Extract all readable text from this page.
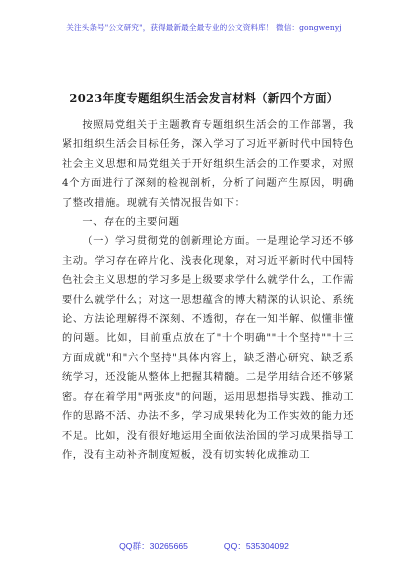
关注头条号"公文研究"，获得最新最全最专业的公文资料库！ 微信：gongwenyj
2023年度专题组织生活会发言材料（新四个方面）

按照局党组关于主题教育专题组织生活会的工作部署，我紧扣组织生活会目标任务，深入学习了习近平新时代中国特色社会主义思想和局党组关于开好组织生活会的工作要求，对照4个方面进行了深刻的检视剖析，分析了问题产生原因，明确了整改措施。现就有关情况报告如下：

一、存在的主要问题

（一）学习贯彻党的创新理论方面。一是理论学习还不够主动。学习存在碎片化、浅表化现象，对习近平新时代中国特色社会主义思想的学习多是上级要求学什么就学什么，工作需要什么就学什么；对这一思想蕴含的博大精深的认识论、系统论、方法论理解得不深刻、不透彻，存在一知半解、似懂非懂的问题。比如，目前重点放在了"十个明确""十个坚持""十三方面成就"和"六个坚持"具体内容上，缺乏潜心研究、缺乏系统学习，还没能从整体上把握其精髓。二是学用结合还不够紧密。存在着学用"两张皮"的问题，运用思想指导实践、推动工作的思路不活、办法不多，学习成果转化为工作实效的能力还不足。比如，没有很好地运用全面依法治国的学习成果指导工作，没有主动补齐制度短板，没有切实转化成推动工

QQ群：30265665	QQ：535304092
